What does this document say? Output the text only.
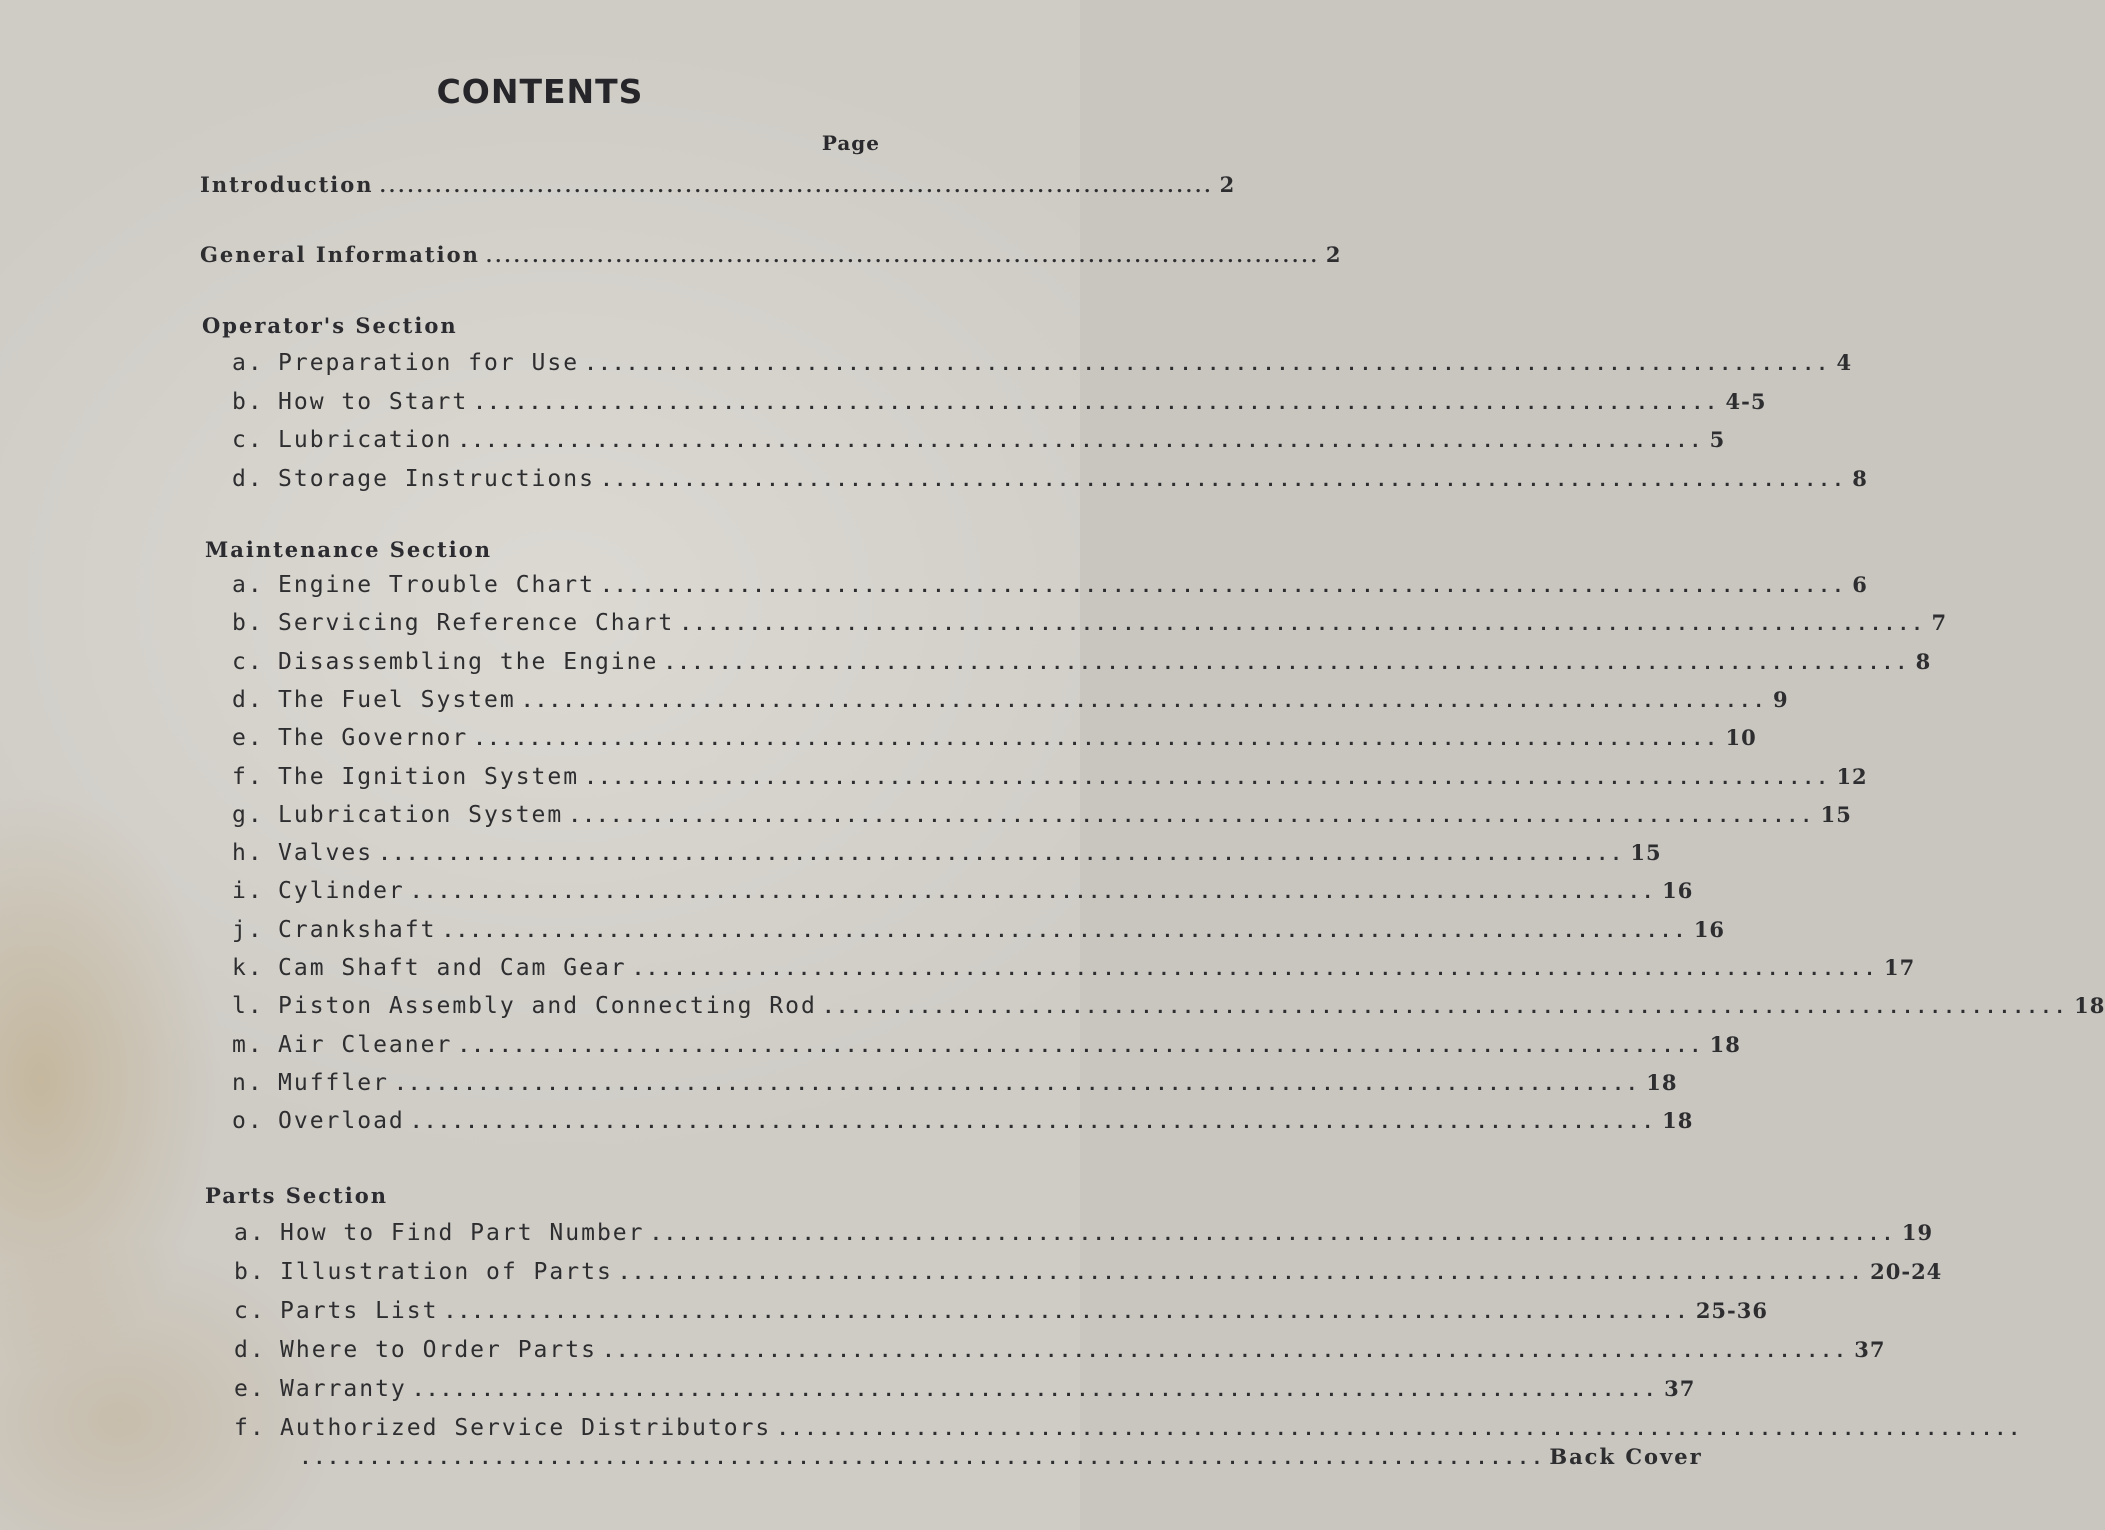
CONTENTS
Page
Introduction .......................................................................................... 2
General Information .......................................................................................... 2
Operator's Section
a. Preparation for Use .......................................................................................... 4
b. How to Start .......................................................................................... 4-5
c. Lubrication .......................................................................................... 5
d. Storage Instructions .......................................................................................... 8
Maintenance Section
a. Engine Trouble Chart .......................................................................................... 6
b. Servicing Reference Chart .......................................................................................... 7
c. Disassembling the Engine .......................................................................................... 8
d. The Fuel System .......................................................................................... 9
e. The Governor .......................................................................................... 10
f. The Ignition System .......................................................................................... 12
g. Lubrication System .......................................................................................... 15
h. Valves .......................................................................................... 15
i. Cylinder .......................................................................................... 16
j. Crankshaft .......................................................................................... 16
k. Cam Shaft and Cam Gear .......................................................................................... 17
l. Piston Assembly and Connecting Rod .......................................................................................... 18
m. Air Cleaner .......................................................................................... 18
n. Muffler .......................................................................................... 18
o. Overload .......................................................................................... 18
Parts Section
a. How to Find Part Number .......................................................................................... 19
b. Illustration of Parts .......................................................................................... 20-24
c. Parts List .......................................................................................... 25-36
d. Where to Order Parts .......................................................................................... 37
e. Warranty .......................................................................................... 37
f. Authorized Service Distributors ..........................................................................................
.......................................................................................... Back Cover
